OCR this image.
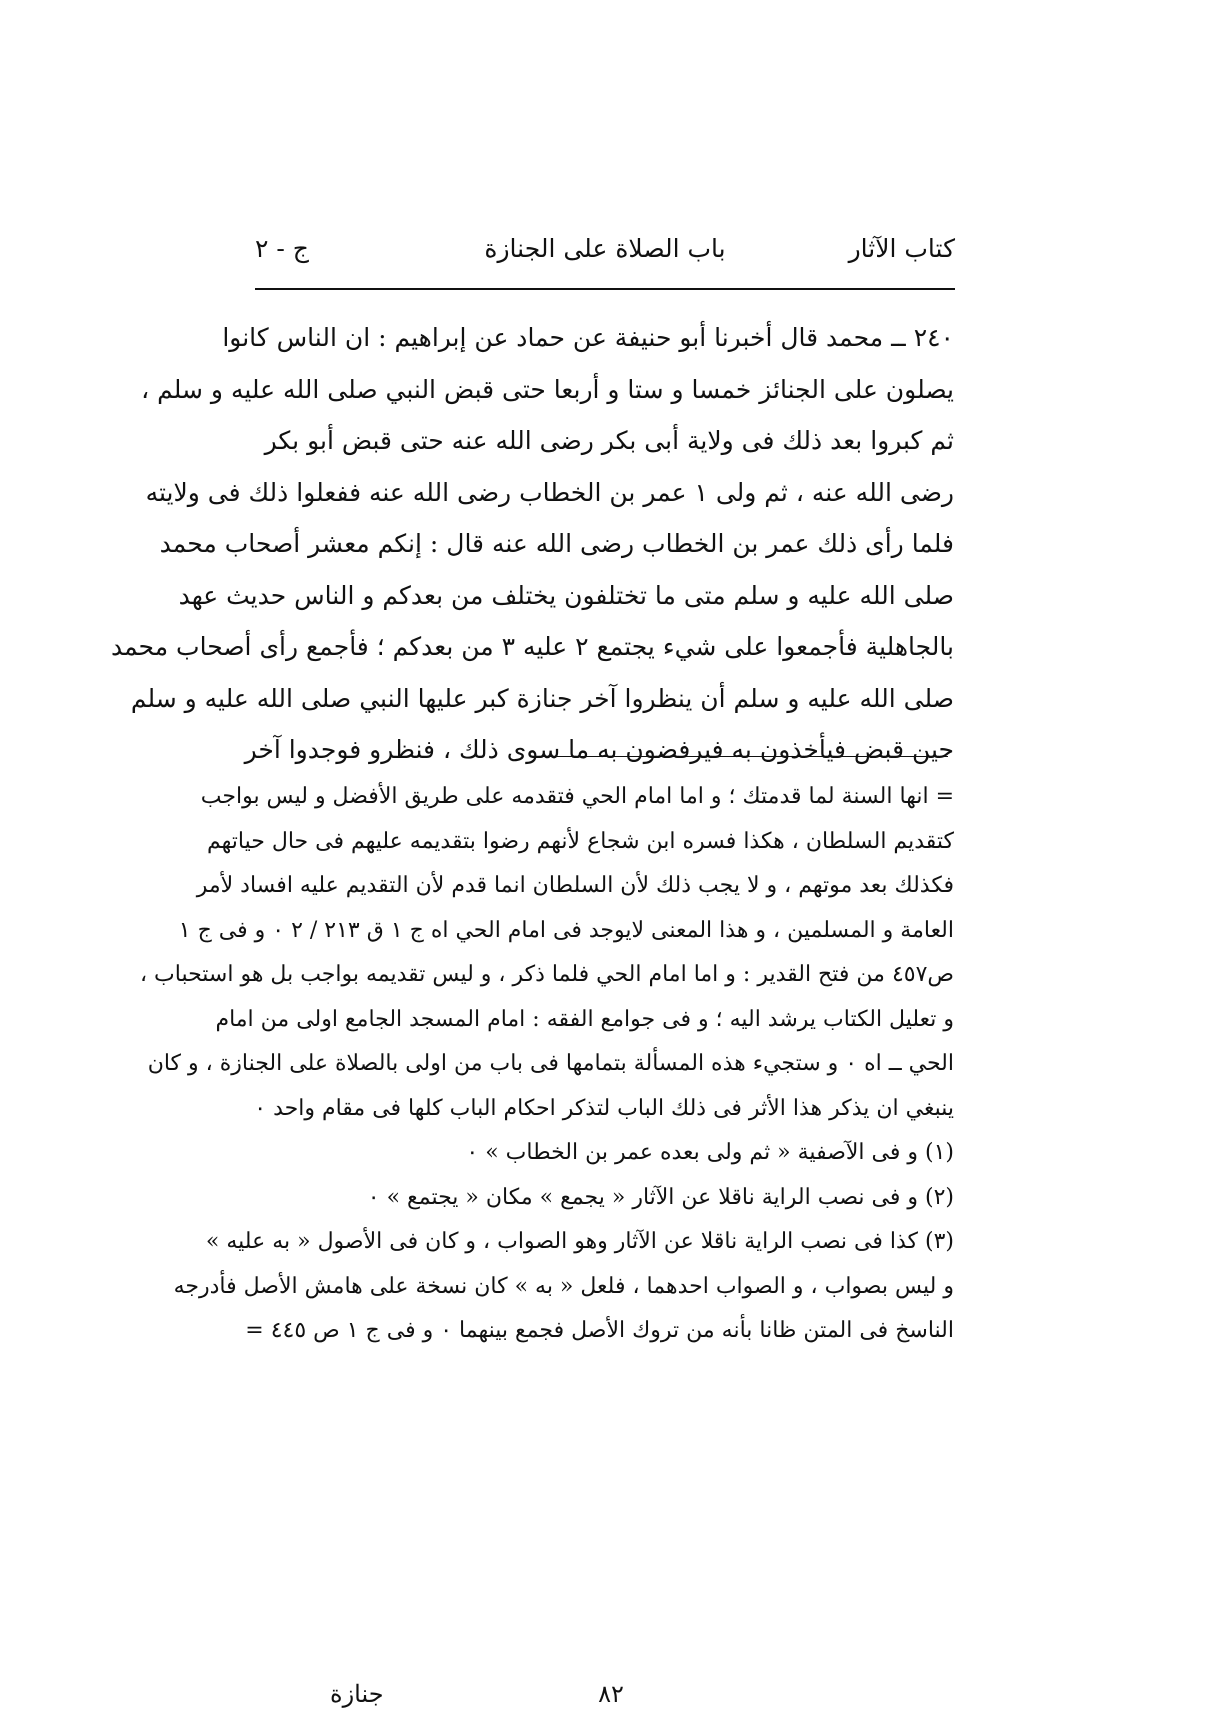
كتاب الآثار
باب الصلاة على الجنازة
ج - ٢
٢٤٠ ــ محمد قال أخبرنا أبو حنيفة عن حماد عن إبراهيم : ان الناس كانوا
يصلون على الجنائز خمسا و ستا و أربعا حتى قبض النبي صلى الله عليه و سلم ،
ثم كبروا بعد ذلك فى ولاية أبى بكر رضى الله عنه حتى قبض أبو بكر
رضى الله عنه ، ثم ولى ١ عمر بن الخطاب رضى الله عنه ففعلوا ذلك فى ولايته
فلما رأى ذلك عمر بن الخطاب رضى الله عنه قال : إنكم معشر أصحاب محمد
صلى الله عليه و سلم متى ما تختلفون يختلف من بعدكم و الناس حديث عهد
بالجاهلية فأجمعوا على شيء يجتمع ٢ عليه ٣ من بعدكم ؛ فأجمع رأى أصحاب محمد
صلى الله عليه و سلم أن ينظروا آخر جنازة كبر عليها النبي صلى الله عليه و سلم
حين قبض فيأخذون به فيرفضون به ما سوى ذلك ، فنظرو فوجدوا آخر
= انها السنة لما قدمتك ؛ و اما امام الحي فتقدمه على طريق الأفضل و ليس بواجب
كتقديم السلطان ، هكذا فسره ابن شجاع لأنهم رضوا بتقديمه عليهم فى حال حياتهم
فكذلك بعد موتهم ، و لا يجب ذلك لأن السلطان انما قدم لأن التقديم عليه افساد لأمر
العامة و المسلمين ، و هذا المعنى لايوجد فى امام الحي اه ج ١ ق ٢١٣ / ٢ ٠ و فى ج ١
ص٤٥٧ من فتح القدير : و اما امام الحي فلما ذكر ، و ليس تقديمه بواجب بل هو استحباب ،
و تعليل الكتاب يرشد اليه ؛ و فى جوامع الفقه : امام المسجد الجامع اولى من امام
الحي ــ اه ٠ و ستجيء هذه المسألة بتمامها فى باب من اولى بالصلاة على الجنازة ، و كان
ينبغي ان يذكر هذا الأثر فى ذلك الباب لتذكر احكام الباب كلها فى مقام واحد ٠
(١) و فى الآصفية « ثم ولى بعده عمر بن الخطاب » ٠
(٢) و فى نصب الراية ناقلا عن الآثار « يجمع » مكان « يجتمع » ٠
(٣) كذا فى نصب الراية ناقلا عن الآثار وهو الصواب ، و كان فى الأصول « به عليه »
و ليس بصواب ، و الصواب احدهما ، فلعل « به » كان نسخة على هامش الأصل فأدرجه
الناسخ فى المتن ظانا بأنه من تروك الأصل فجمع بينهما ٠ و فى ج ١ ص ٤٤٥ =
٨٢
جنازة
